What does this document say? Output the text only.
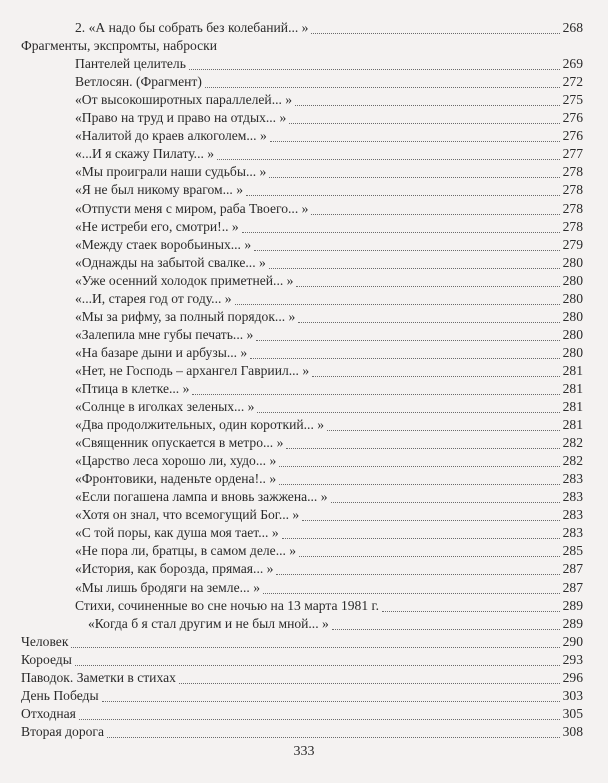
2. «А надо бы собрать без колебаний... »	268
Фрагменты, экспромты, наброски
Пантелей целитель	269
Ветлосян. (Фрагмент)	272
«От высокоширотных параллелей... »	275
«Право на труд и право на отдых... »	276
«Налитой до краев алкоголем... »	276
«...И я скажу Пилату... »	277
«Мы проиграли наши судьбы... »	278
«Я не был никому врагом... »	278
«Отпусти меня с миром, раба Твоего... »	278
«Не истреби его, смотри!.. »	278
«Между стаек воробьиных... »	279
«Однажды на забытой свалке... »	280
«Уже осенний холодок приметней... »	280
«...И, старея год от году... »	280
«Мы за рифму, за полный порядок... »	280
«Залепила мне губы печать... »	280
«На базаре дыни и арбузы... »	280
«Нет, не Господь – архангел Гавриил... »	281
«Птица в клетке... »	281
«Солнце в иголках зеленых... »	281
«Два продолжительных, один короткий... »	281
«Священник опускается в метро... »	282
«Царство леса хорошо ли, худо... »	282
«Фронтовики, наденьте ордена!.. »	283
«Если погашена лампа и вновь зажжена... »	283
«Хотя он знал, что всемогущий Бог... »	283
«С той поры, как душа моя тает... »	283
«Не пора ли, братцы, в самом деле... »	285
«История, как борозда, прямая... »	287
«Мы лишь бродяги на земле... »	287
Стихи, сочиненные во сне ночью на 13 марта 1981 г.	289
«Когда б я стал другим и не был мной... »	289
Человек	290
Короеды	293
Паводок. Заметки в стихах	296
День Победы	303
Отходная	305
Вторая дорога	308
333
